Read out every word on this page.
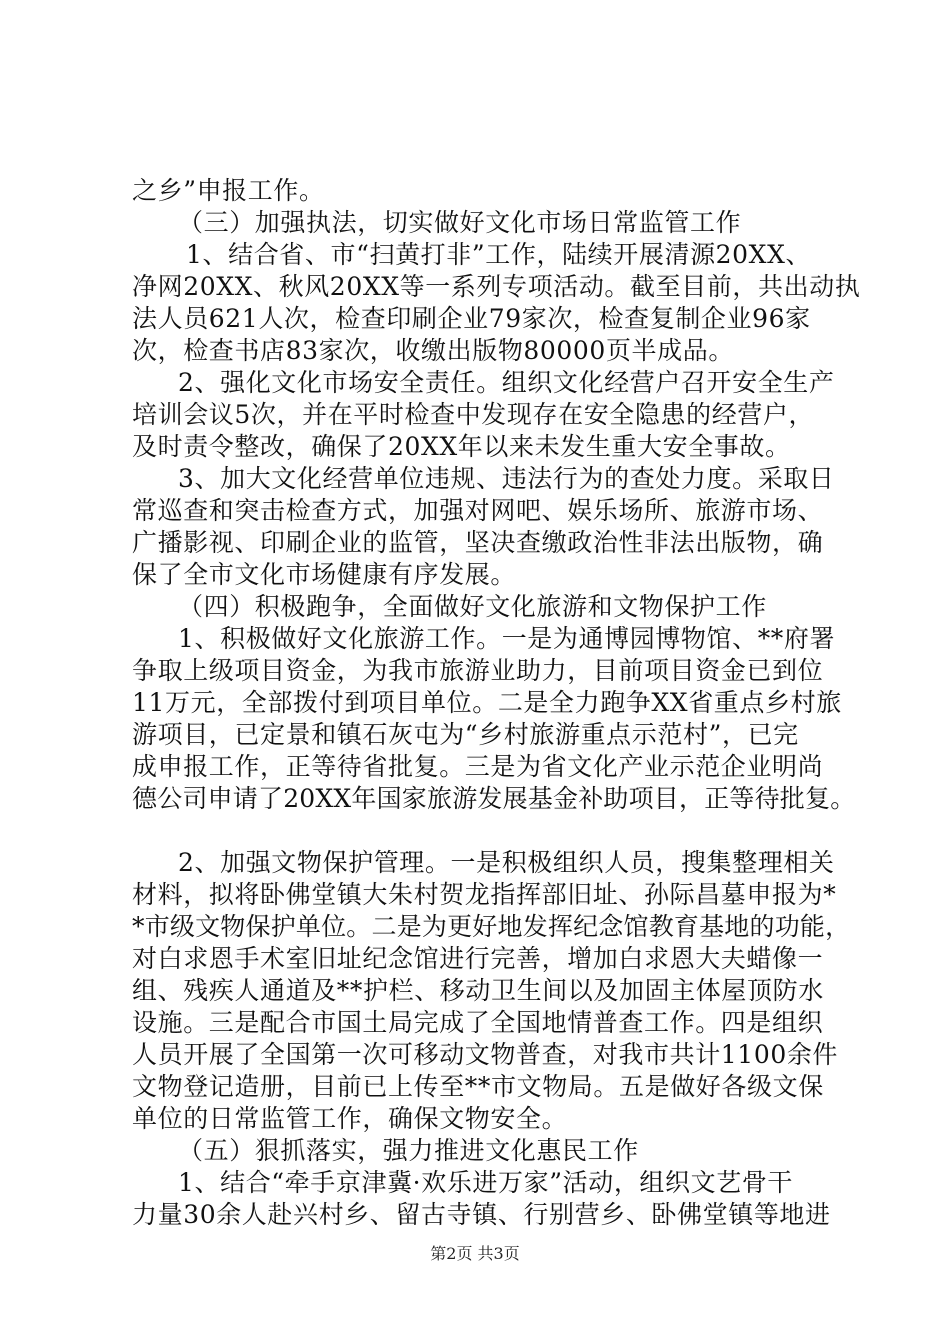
之乡”申报工作。
（三）加强执法，切实做好文化市场日常监管工作
1、结合省、市“扫黄打非”工作，陆续开展清源20XX、
净网20XX、秋风20XX等一系列专项活动。截至目前，共出动执
法人员621人次，检查印刷企业79家次，检查复制企业96家
次，检查书店83家次，收缴出版物80000页半成品。
2、强化文化市场安全责任。组织文化经营户召开安全生产
培训会议5次，并在平时检查中发现存在安全隐患的经营户，
及时责令整改，确保了20XX年以来未发生重大安全事故。
3、加大文化经营单位违规、违法行为的查处力度。采取日
常巡查和突击检查方式，加强对网吧、娱乐场所、旅游市场、
广播影视、印刷企业的监管，坚决查缴政治性非法出版物，确
保了全市文化市场健康有序发展。
（四）积极跑争，全面做好文化旅游和文物保护工作
1、积极做好文化旅游工作。一是为通博园博物馆、**府署
争取上级项目资金，为我市旅游业助力，目前项目资金已到位
11万元，全部拨付到项目单位。二是全力跑争XX省重点乡村旅
游项目，已定景和镇石灰屯为“乡村旅游重点示范村”，已完
成申报工作，正等待省批复。三是为省文化产业示范企业明尚
德公司申请了20XX年国家旅游发展基金补助项目，正等待批复。
2、加强文物保护管理。一是积极组织人员，搜集整理相关
材料，拟将卧佛堂镇大朱村贺龙指挥部旧址、孙际昌墓申报为*
*市级文物保护单位。二是为更好地发挥纪念馆教育基地的功能，
对白求恩手术室旧址纪念馆进行完善，增加白求恩大夫蜡像一
组、残疾人通道及**护栏、移动卫生间以及加固主体屋顶防水
设施。三是配合市国土局完成了全国地情普查工作。四是组织
人员开展了全国第一次可移动文物普查，对我市共计1100余件
文物登记造册，目前已上传至**市文物局。五是做好各级文保
单位的日常监管工作，确保文物安全。
（五）狠抓落实，强力推进文化惠民工作
1、结合“牵手京津冀·欢乐进万家”活动，组织文艺骨干
力量30余人赴兴村乡、留古寺镇、行别营乡、卧佛堂镇等地进
第2页 共3页
